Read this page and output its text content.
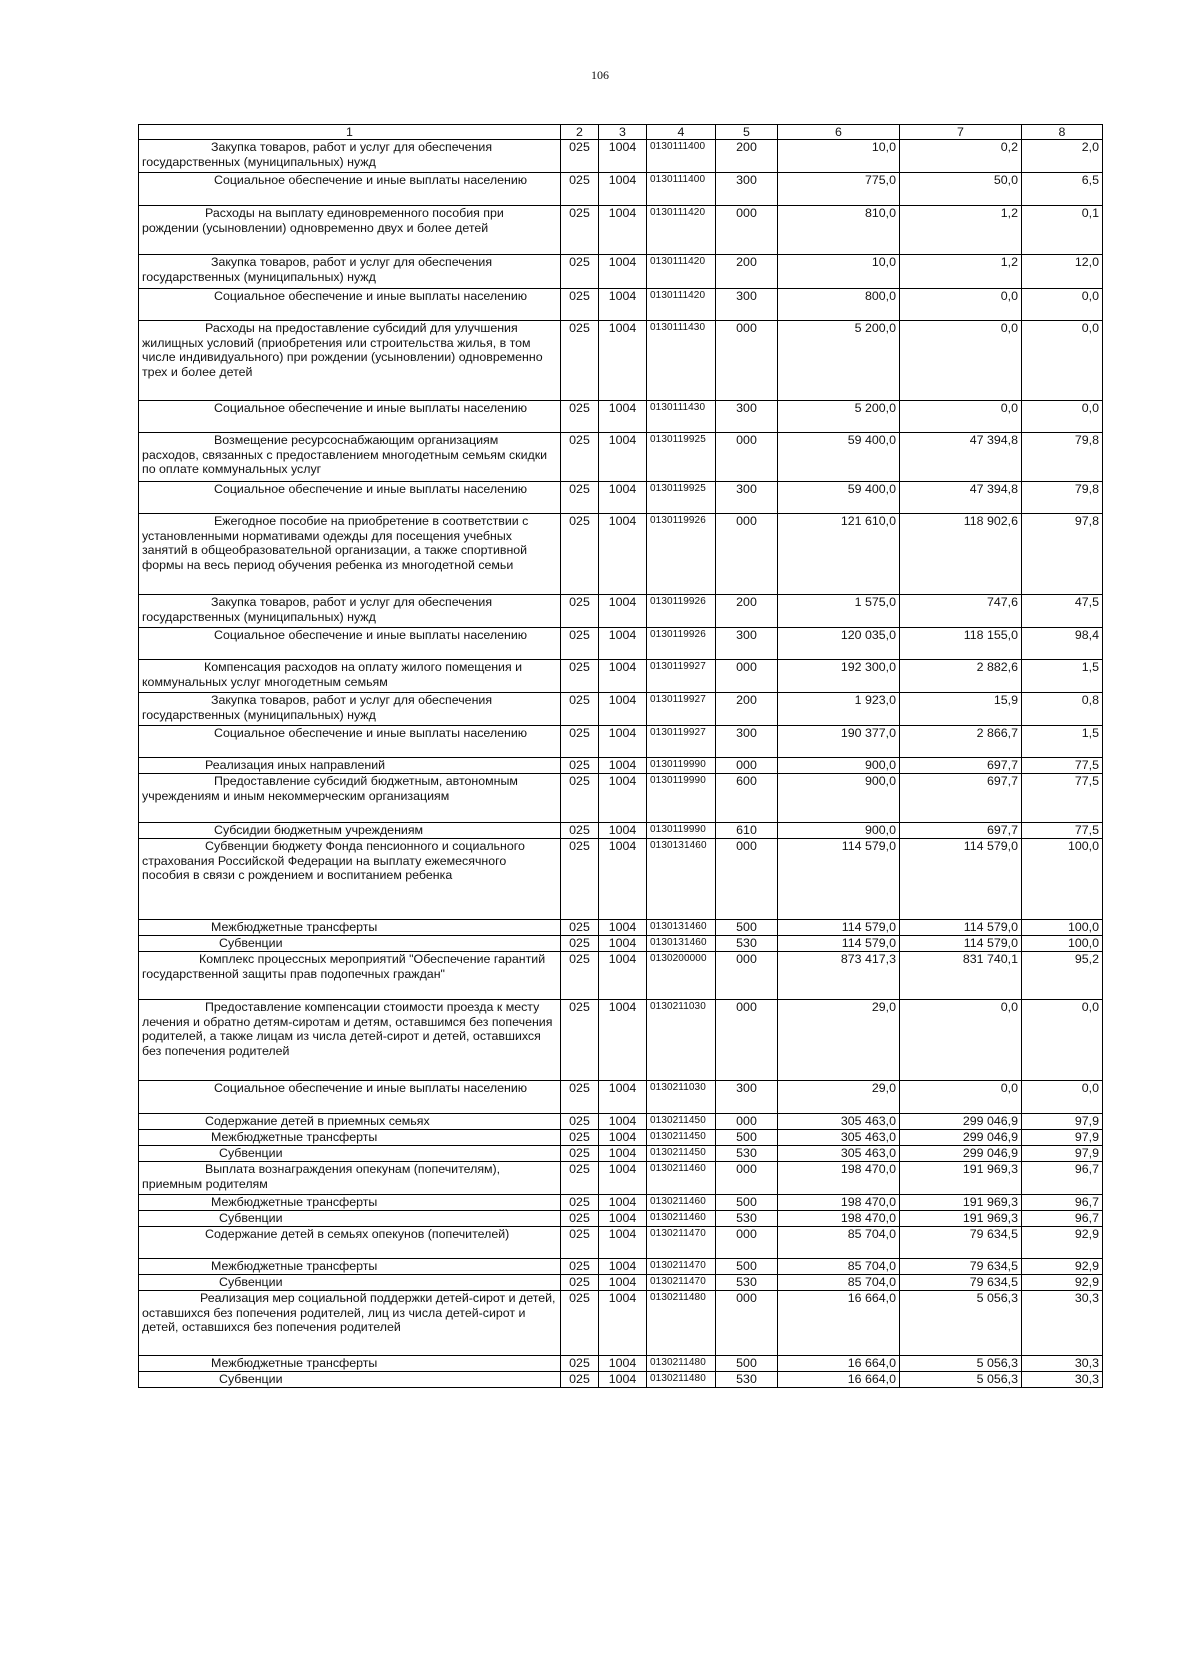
106
1	2	3	4	5	6	7	8
Закупка товаров, работ и услуг для обеспечения государственных (муниципальных) нужд	025	1004	0130111400	200	10,0	0,2	2,0
Социальное обеспечение и иные выплаты населению	025	1004	0130111400	300	775,0	50,0	6,5
Расходы на выплату единовременного пособия при рождении (усыновлении) одновременно двух и более детей	025	1004	0130111420	000	810,0	1,2	0,1
Закупка товаров, работ и услуг для обеспечения государственных (муниципальных) нужд	025	1004	0130111420	200	10,0	1,2	12,0
Социальное обеспечение и иные выплаты населению	025	1004	0130111420	300	800,0	0,0	0,0
Расходы на предоставление субсидий для улучшения жилищных условий (приобретения или строительства жилья, в том числе индивидуального) при рождении (усыновлении) одновременно трех и более детей	025	1004	0130111430	000	5 200,0	0,0	0,0
Социальное обеспечение и иные выплаты населению	025	1004	0130111430	300	5 200,0	0,0	0,0
Возмещение ресурсоснабжающим организациям расходов, связанных с предоставлением многодетным семьям скидки по оплате коммунальных услуг	025	1004	0130119925	000	59 400,0	47 394,8	79,8
Социальное обеспечение и иные выплаты населению	025	1004	0130119925	300	59 400,0	47 394,8	79,8
Ежегодное пособие на приобретение в соответствии с установленными нормативами одежды для посещения учебных занятий в общеобразовательной организации, а также спортивной формы на весь период обучения ребенка из многодетной семьи	025	1004	0130119926	000	121 610,0	118 902,6	97,8
Закупка товаров, работ и услуг для обеспечения государственных (муниципальных) нужд	025	1004	0130119926	200	1 575,0	747,6	47,5
Социальное обеспечение и иные выплаты населению	025	1004	0130119926	300	120 035,0	118 155,0	98,4
Компенсация расходов на оплату жилого помещения и коммунальных услуг многодетным семьям	025	1004	0130119927	000	192 300,0	2 882,6	1,5
Закупка товаров, работ и услуг для обеспечения государственных (муниципальных) нужд	025	1004	0130119927	200	1 923,0	15,9	0,8
Социальное обеспечение и иные выплаты населению	025	1004	0130119927	300	190 377,0	2 866,7	1,5
Реализация иных направлений	025	1004	0130119990	000	900,0	697,7	77,5
Предоставление субсидий бюджетным, автономным учреждениям и иным некоммерческим организациям	025	1004	0130119990	600	900,0	697,7	77,5
Субсидии бюджетным учреждениям	025	1004	0130119990	610	900,0	697,7	77,5
Субвенции бюджету Фонда пенсионного и социального страхования Российской Федерации на выплату ежемесячного пособия в связи с рождением и воспитанием ребенка	025	1004	0130131460	000	114 579,0	114 579,0	100,0
Межбюджетные трансферты	025	1004	0130131460	500	114 579,0	114 579,0	100,0
Субвенции	025	1004	0130131460	530	114 579,0	114 579,0	100,0
Комплекс процессных мероприятий "Обеспечение гарантий государственной защиты прав подопечных граждан"	025	1004	0130200000	000	873 417,3	831 740,1	95,2
Предоставление компенсации стоимости проезда к месту лечения и обратно детям-сиротам и детям, оставшимся без попечения родителей, а также лицам из числа детей-сирот и детей, оставшихся без попечения родителей	025	1004	0130211030	000	29,0	0,0	0,0
Социальное обеспечение и иные выплаты населению	025	1004	0130211030	300	29,0	0,0	0,0
Содержание детей в приемных семьях	025	1004	0130211450	000	305 463,0	299 046,9	97,9
Межбюджетные трансферты	025	1004	0130211450	500	305 463,0	299 046,9	97,9
Субвенции	025	1004	0130211450	530	305 463,0	299 046,9	97,9
Выплата вознаграждения опекунам (попечителям), приемным родителям	025	1004	0130211460	000	198 470,0	191 969,3	96,7
Межбюджетные трансферты	025	1004	0130211460	500	198 470,0	191 969,3	96,7
Субвенции	025	1004	0130211460	530	198 470,0	191 969,3	96,7
Содержание детей в семьях опекунов (попечителей)	025	1004	0130211470	000	85 704,0	79 634,5	92,9
Межбюджетные трансферты	025	1004	0130211470	500	85 704,0	79 634,5	92,9
Субвенции	025	1004	0130211470	530	85 704,0	79 634,5	92,9
Реализация мер социальной поддержки детей-сирот и детей, оставшихся без попечения родителей, лиц из числа детей-сирот и детей, оставшихся без попечения родителей	025	1004	0130211480	000	16 664,0	5 056,3	30,3
Межбюджетные трансферты	025	1004	0130211480	500	16 664,0	5 056,3	30,3
Субвенции	025	1004	0130211480	530	16 664,0	5 056,3	30,3
